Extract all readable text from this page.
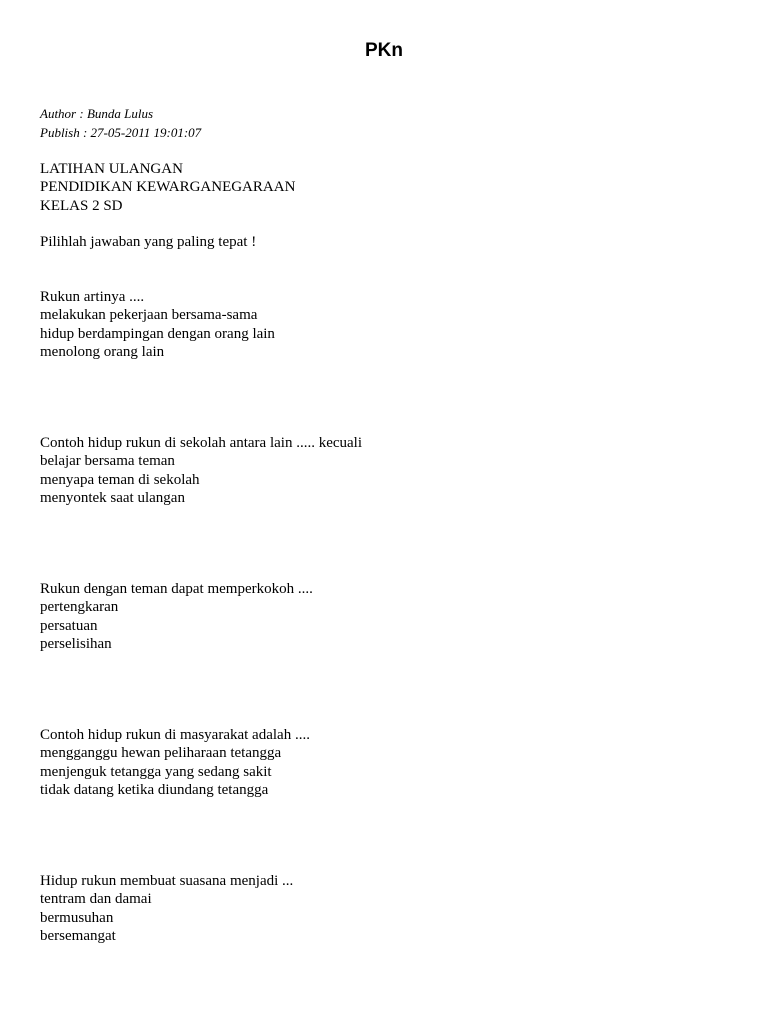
PKn
Author : Bunda Lulus
Publish : 27-05-2011 19:01:07
LATIHAN ULANGAN
PENDIDIKAN KEWARGANEGARAAN
KELAS 2 SD
Pilihlah jawaban yang paling tepat !
Rukun artinya ....
melakukan pekerjaan bersama-sama
hidup berdampingan dengan orang lain
menolong orang lain
Contoh hidup rukun di sekolah antara lain ..... kecuali
belajar bersama teman
menyapa teman di sekolah
menyontek saat ulangan
Rukun dengan teman dapat memperkokoh ....
pertengkaran
persatuan
perselisihan
Contoh hidup rukun di masyarakat adalah ....
mengganggu hewan peliharaan tetangga
menjenguk tetangga yang sedang sakit
tidak datang ketika diundang tetangga
Hidup rukun membuat suasana menjadi ...
tentram dan damai
bermusuhan
bersemangat
